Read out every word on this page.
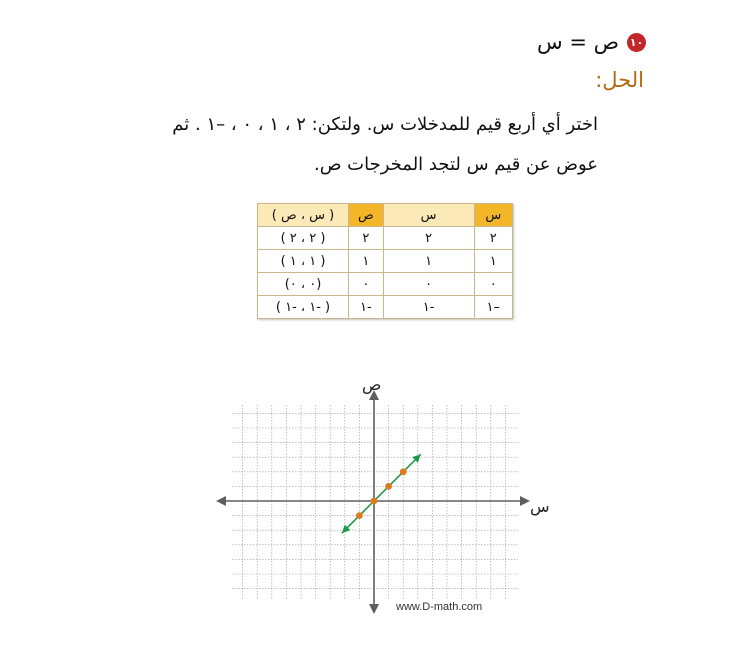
١٠
ص = س
الحل:
اختر أي أربع قيم للمدخلات س. ولتكن: ٢ ، ١ ، ٠ ، –١ . ثم
عوض عن قيم س لتجد المخرجات ص.
س	س	ص	( س ، ص )
٢	٢	٢	( ٢ ، ٢ )
١	١	١	( ١ ، ١ )
٠	٠	٠	(٠ ، ٠)
–١	-١	-١	( -١ ، -١ )
ص
س
www.D-math.com
